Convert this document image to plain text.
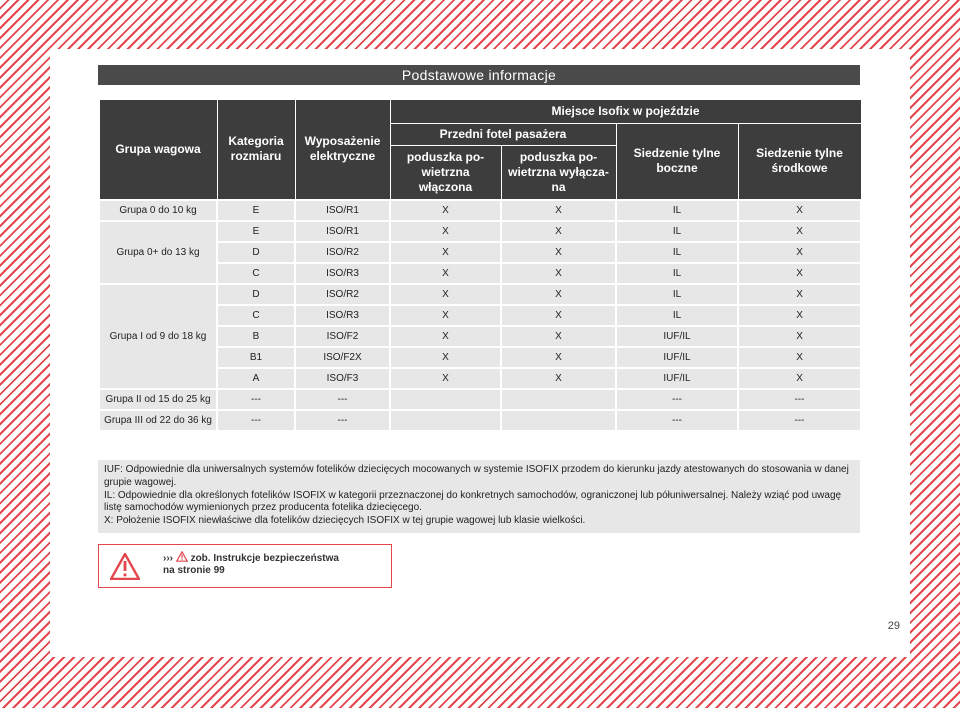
Podstawowe informacje
Grupa wagowa	Kategoria rozmiaru	Wyposażenie elektryczne	Miejsce Isofix w pojeździe			
			Przedni fotel pasażera		Siedzenie tylne boczne	Siedzenie tylne środkowe
			poduszka po-wietrzna włączona	poduszka po-wietrzna wyłącza-na		
Grupa 0 do 10 kg	E	ISO/R1	X	X	IL	X
Grupa 0+ do 13 kg	E	ISO/R1	X	X	IL	X
	D	ISO/R2	X	X	IL	X
	C	ISO/R3	X	X	IL	X
Grupa I od 9 do 18 kg	D	ISO/R2	X	X	IL	X
	C	ISO/R3	X	X	IL	X
	B	ISO/F2	X	X	IUF/IL	X
	B1	ISO/F2X	X	X	IUF/IL	X
	A	ISO/F3	X	X	IUF/IL	X
Grupa II od 15 do 25 kg	---	---			---	---
Grupa III od 22 do 36 kg	---	---			---	---
IUF: Odpowiednie dla uniwersalnych systemów fotelików dziecięcych mocowanych w systemie ISOFIX przodem do kierunku jazdy atestowanych do stosowania w danej grupie wagowej.
IL: Odpowiednie dla określonych fotelików ISOFIX w kategorii przeznaczonej do konkretnych samochodów, ograniczonej lub półuniwersalnej. Należy wziąć pod uwagę listę samochodów wymienionych przez producenta fotelika dziecięcego.
X: Położenie ISOFIX niewłaściwe dla fotelików dziecięcych ISOFIX w tej grupie wagowej lub klasie wielkości.
››› zob. Instrukcje bezpieczeństwa
na stronie 99
29
